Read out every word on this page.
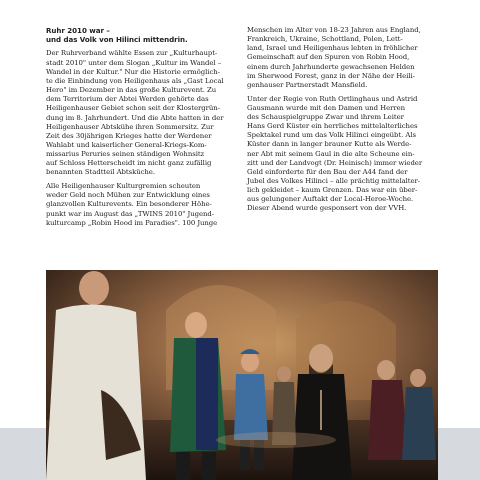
Ruhr 2010 war –
und das Volk von Hilinci mittendrin.

Der Ruhrverband wählte Essen zur „Kulturhaupt-
stadt 2010" unter dem Slogan „Kultur im Wandel –
Wandel in der Kultur." Nur die Historie ermöglich-
te die Einbindung von Heiligenhaus als „Gast Local
Hero" im Dezember in das große Kulturevent. Zu
dem Territorium der Abtei Werden gehörte das
Heiligenhauser Gebiet schon seit der Klostergrün-
dung im 8. Jahrhundert. Und die Abte hatten in der
Heiligenhauser Abtskühe ihren Sommersitz. Zur
Zeit des 30jährigen Krieges hatte der Werdener
Wahlabt und kaiserlicher General-Kriegs-Kom-
missarius Peruries seinen ständigen Wohnsitz
auf Schloss Hetterscheidt im nicht ganz zufällig
benannten Stadtteil Abtsküche.

Alle Heiligenhauser Kulturgremien scheuten
weder Geld noch Mühen zur Entwicklung eines
glanzvollen Kulturevents. Ein besonderer Höhe-
punkt war im August das „TWINS 2010" Jugend-
kulturcamp „Robin Hood im Paradies". 100 Junge

Menschen im Alter von 18-23 Jahren aus England,
Frankreich, Ukraine, Schottland, Polen, Lett-
land, Israel und Heiligenhaus lebten in fröhlicher
Gemeinschaft auf den Spuren von Robin Hood,
einem durch Jahrhunderte gewachsenen Helden
im Sherwood Forest, ganz in der Nähe der Heili-
genhauser Partnerstadt Mansfield.

Unter der Regie von Ruth Ortlinghaus und Astrid
Gausmann wurde mit den Damen und Herren
des Schauspielgruppe Zwar und ihrem Leiter
Hans Gerd Küster ein herrliches mittelalterliches
Spektakel rund um das Volk Hilinci eingeübt. Als
Küster dann in langer brauner Kutte als Werde-
ner Abt mit seinem Gaul in die alte Scheune ein-
zitt und der Landvogt (Dr. Heinisch) immer wieder
Geld einforderte für den Bau der A44 fand der
Jubel des Volkes Hilinci – alle prächtig mittelalter-
lich gekleidet – kaum Grenzen. Das war ein über-
aus gelungener Auftakt der Local-Heroe-Woche.
Dieser Abend wurde gesponsert von der VVH.
